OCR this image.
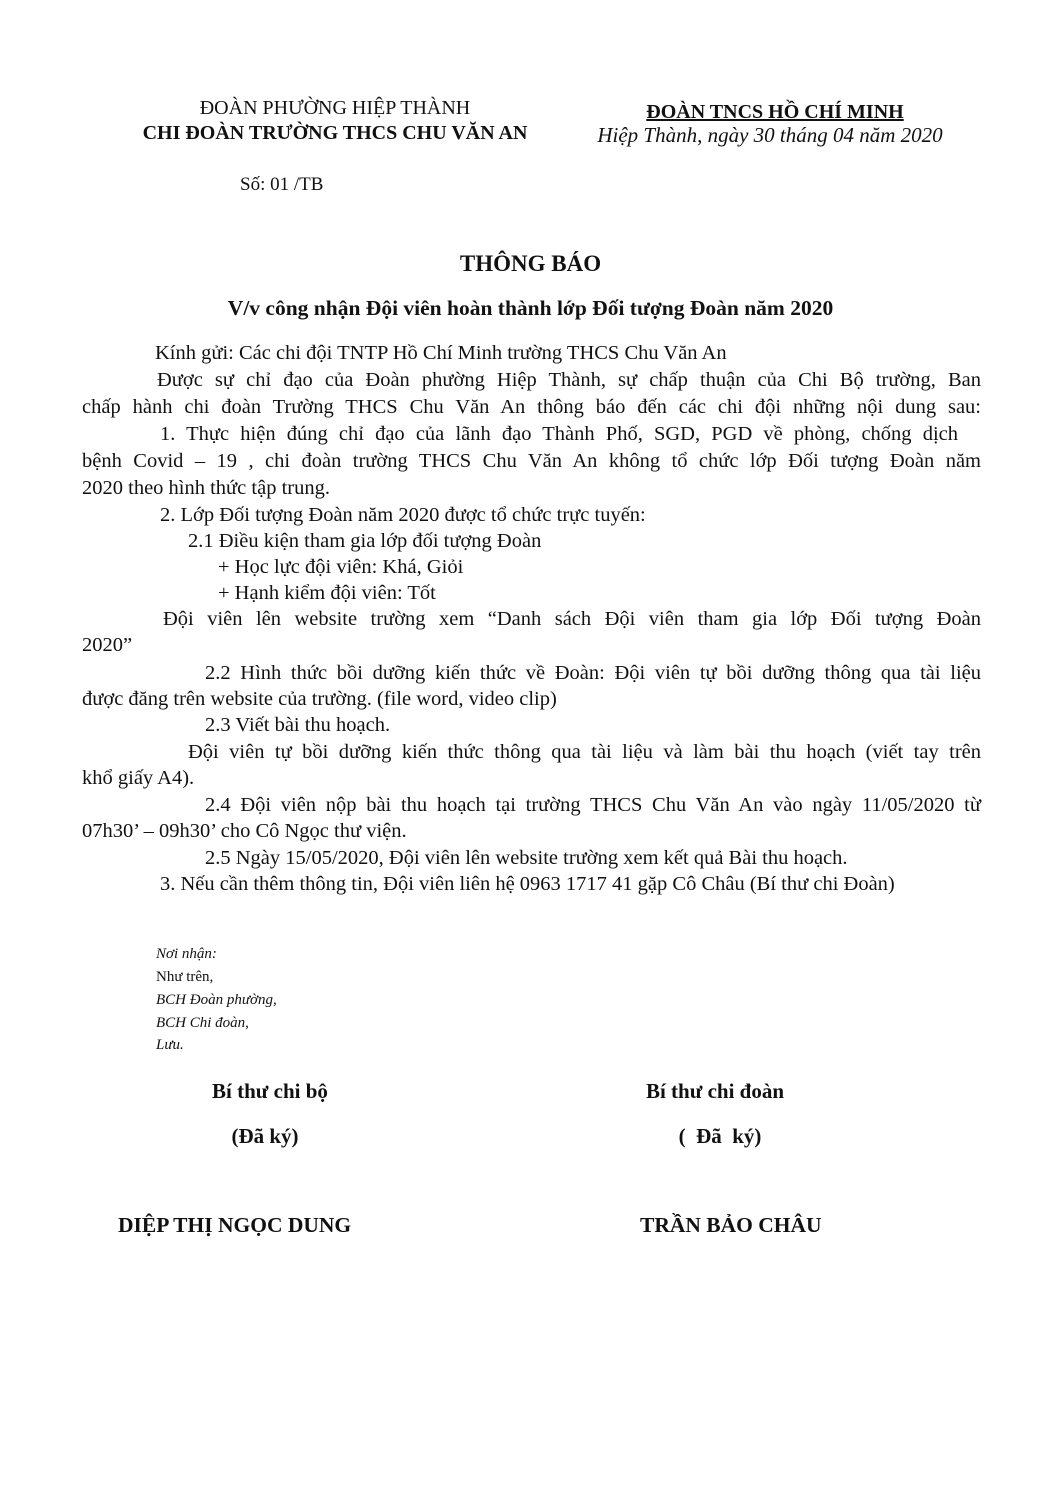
ĐOÀN PHƯỜNG HIỆP THÀNH
CHI ĐOÀN TRƯỜNG THCS CHU VĂN AN
Số: 01 /TB
ĐOÀN TNCS HỒ CHÍ MINH
Hiệp Thành, ngày 30 tháng 04 năm 2020
THÔNG BÁO
V/v công nhận Đội viên hoàn thành lớp Đối tượng Đoàn năm 2020
Kính gửi: Các chi đội TNTP Hồ Chí Minh trường THCS Chu Văn An
Được sự chỉ đạo của Đoàn phường Hiệp Thành, sự chấp thuận của Chi Bộ trường, Ban
chấp hành chi đoàn Trường THCS Chu Văn An thông báo đến các chi đội những nội dung sau:
1. Thực hiện đúng chỉ đạo của lãnh đạo Thành Phố, SGD, PGD về phòng, chống dịch
bệnh Covid – 19 , chi đoàn trường THCS Chu Văn An không tổ chức lớp Đối tượng Đoàn năm
2020 theo hình thức tập trung.
2. Lớp Đối tượng Đoàn năm 2020 được tổ chức trực tuyến:
2.1 Điều kiện tham gia lớp đối tượng Đoàn
+ Học lực đội viên: Khá, Giỏi
+ Hạnh kiểm đội viên: Tốt
Đội viên lên website trường xem “Danh sách Đội viên tham gia lớp Đối tượng Đoàn
2020”
2.2 Hình thức bồi dưỡng kiến thức về Đoàn: Đội viên tự bồi dưỡng thông qua tài liệu
được đăng trên website của trường. (file word, video clip)
2.3 Viết bài thu hoạch.
Đội viên tự bồi dưỡng kiến thức thông qua tài liệu và làm bài thu hoạch (viết tay trên
khổ giấy A4).
2.4 Đội viên nộp bài thu hoạch tại trường THCS Chu Văn An vào ngày 11/05/2020 từ
07h30’ – 09h30’ cho Cô Ngọc thư viện.
2.5 Ngày 15/05/2020, Đội viên lên website trường xem kết quả Bài thu hoạch.
3. Nếu cần thêm thông tin, Đội viên liên hệ 0963 1717 41 gặp Cô Châu (Bí thư chi Đoàn)
Nơi nhận:
Như trên,
BCH Đoàn phường,
BCH Chi đoàn,
Lưu.
Bí thư chi bộ
(Đã ký)
DIỆP THỊ NGỌC DUNG
Bí thư chi đoàn
(  Đã  ký)
TRẦN BẢO CHÂU
